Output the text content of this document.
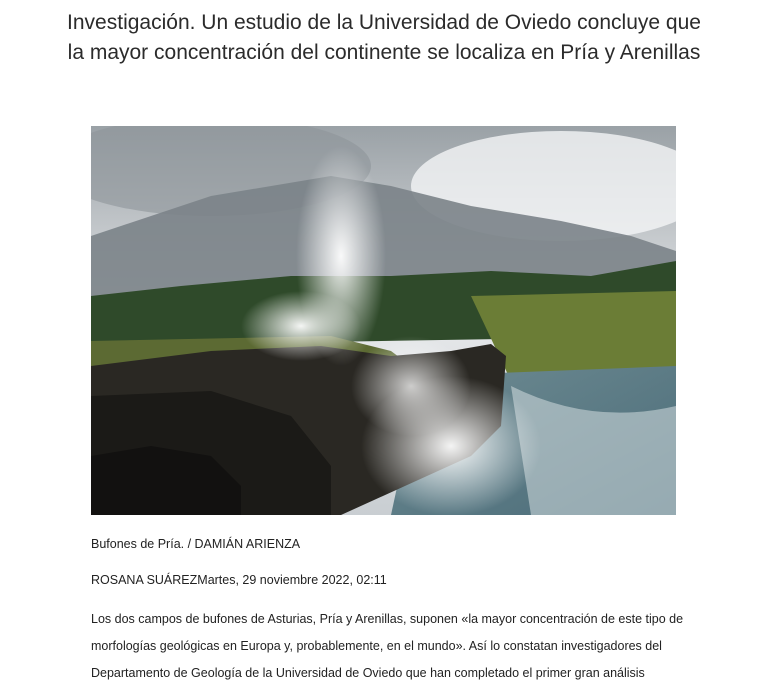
Investigación. Un estudio de la Universidad de Oviedo concluye que la mayor concentración del continente se localiza en Pría y Arenillas
Bufones de Pría. / DAMIÁN ARIENZA
ROSANA SUÁREZMartes, 29 noviembre 2022, 02:11

Los dos campos de bufones de Asturias, Pría y Arenillas, suponen «la mayor concentración de este tipo de morfologías geológicas en Europa y, probablemente, en el mundo». Así lo constatan investigadores del Departamento de Geología de la Universidad de Oviedo que han completado el primer gran análisis
